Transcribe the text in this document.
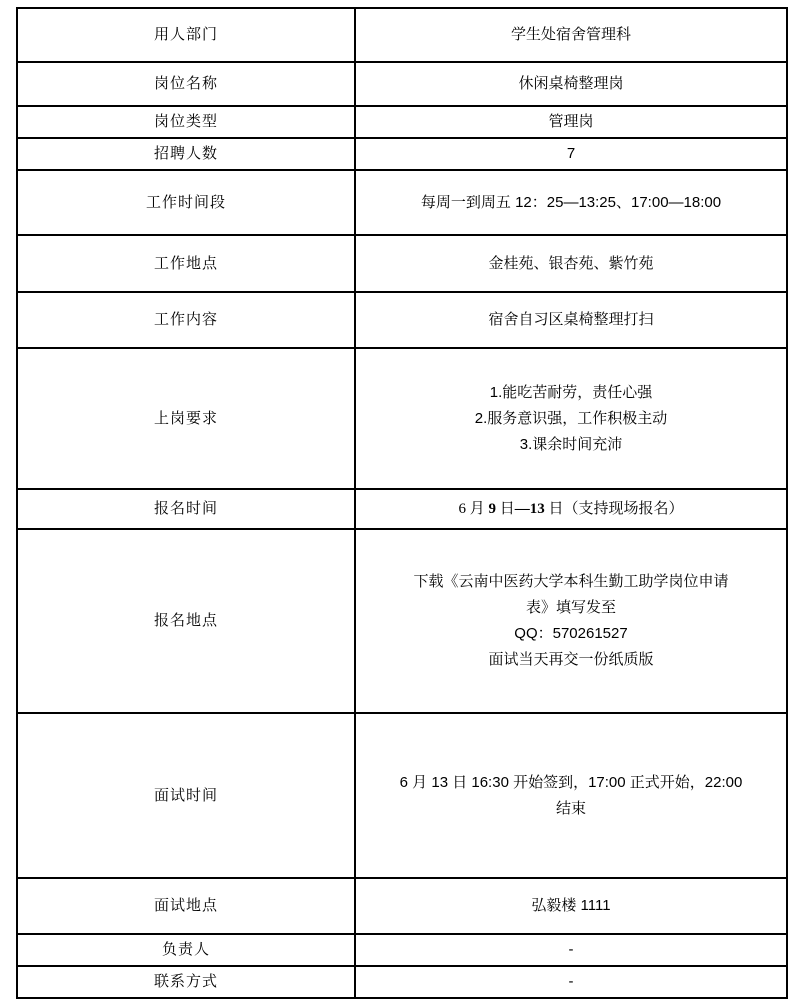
用人部门	学生处宿舍管理科
岗位名称	休闲桌椅整理岗
岗位类型	管理岗
招聘人数	7
工作时间段	每周一到周五 12：25—13:25、17:00—18:00
工作地点	金桂苑、银杏苑、紫竹苑
工作内容	宿舍自习区桌椅整理打扫
上岗要求	1.能吃苦耐劳，责任心强
2.服务意识强，工作积极主动
3.课余时间充沛

报名时间	6 月 9 日—13 日（支持现场报名）
报名地点	下载《云南中医药大学本科生勤工助学岗位申请
表》填写发至
QQ：570261527
面试当天再交一份纸质版

面试时间	6 月 13 日 16:30 开始签到，17:00 正式开始，22:00
结束

面试地点	弘毅楼 1111
负责人	-
联系方式	-
